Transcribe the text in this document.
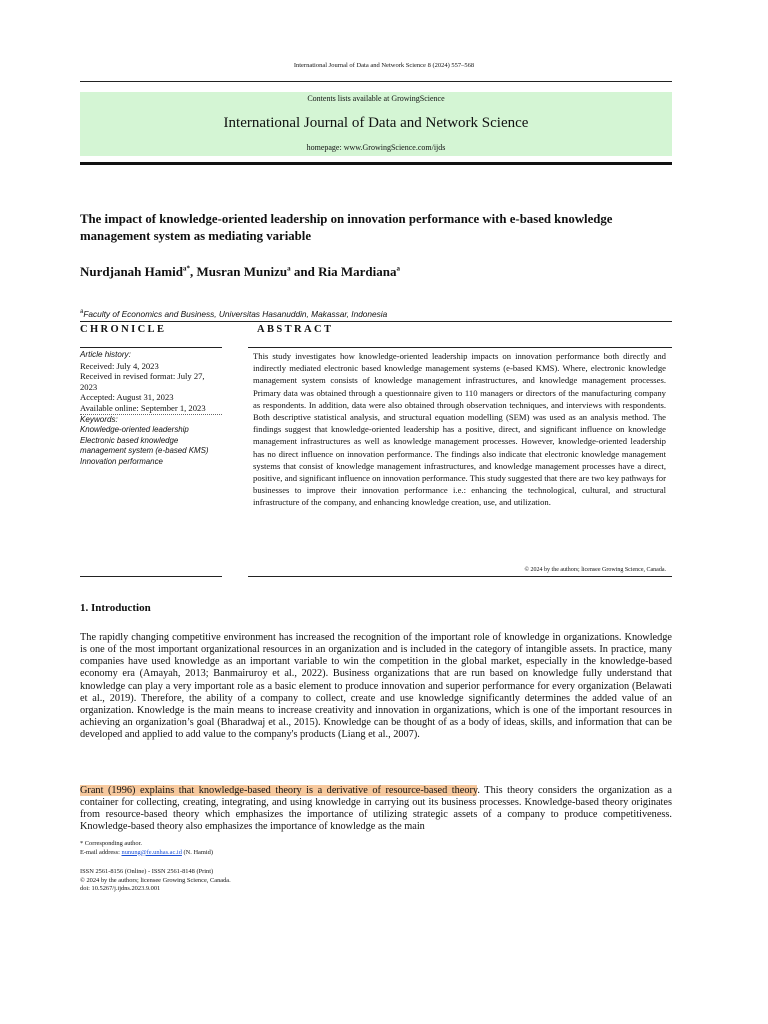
International Journal of Data and Network Science 8 (2024) 557–568
Contents lists available at GrowingScience
International Journal of Data and Network Science
homepage: www.GrowingScience.com/ijds
The impact of knowledge-oriented leadership on innovation performance with e-based knowledge management system as mediating variable
Nurdjanah Hamid$^{a*}$, Musran Munizu$^a$ and Ria Mardiana$^a$
$^a$Faculty of Economics and Business, Universitas Hasanuddin, Makassar, Indonesia
CHRONICLE	ABSTRACT
Article history:
Received: July 4, 2023
Received in revised format: July 27, 2023
Accepted: August 31, 2023
Available online: September 1, 2023
Keywords:
Knowledge-oriented leadership
Electronic based knowledge management system (e-based KMS)
Innovation performance
This study investigates how knowledge-oriented leadership impacts on innovation performance both directly and indirectly mediated electronic based knowledge management systems (e-based KMS). Where, electronic knowledge management system consists of knowledge management infrastructures, and knowledge management processes. Primary data was obtained through a questionnaire given to 110 managers or directors of the manufacturing company as respondents. In addition, data were also obtained through observation techniques, and interviews with respondents. Both descriptive statistical analysis, and structural equation modelling (SEM) was used as an analysis method. The findings suggest that knowledge-oriented leadership has a positive, direct, and significant influence on knowledge management infrastructures as well as knowledge management processes. However, knowledge-oriented leadership has no direct influence on innovation performance. The findings also indicate that electronic knowledge management systems that consist of knowledge management infrastructures, and knowledge management processes have a direct, positive, and significant influence on innovation performance. This study suggested that there are two key pathways for businesses to improve their innovation performance i.e.: enhancing the technological, cultural, and structural infrastructure of the company, and enhancing knowledge creation, use, and utilization.
© 2024 by the authors; licensee Growing Science, Canada.
1. Introduction
The rapidly changing competitive environment has increased the recognition of the important role of knowledge in organizations. Knowledge is one of the most important organizational resources in an organization and is included in the category of intangible assets. In practice, many companies have used knowledge as an important variable to win the competition in the global market, especially in the knowledge-based economy era (Amayah, 2013; Banmairuroy et al., 2022). Business organizations that are run based on knowledge fully understand that knowledge can play a very important role as a basic element to produce innovation and superior performance for every organization (Belawati et al., 2019). Therefore, the ability of a company to collect, create and use knowledge significantly determines the added value of an organization. Knowledge is the main means to increase creativity and innovation in organizations, which is one of the important resources in achieving an organization’s goal (Bharadwaj et al., 2015). Knowledge can be thought of as a body of ideas, skills, and information that can be developed and applied to add value to the company's products (Liang et al., 2007).
Grant (1996) explains that knowledge-based theory is a derivative of resource-based theory. This theory considers the organization as a container for collecting, creating, integrating, and using knowledge in carrying out its business processes. Knowledge-based theory originates from resource-based theory which emphasizes the importance of utilizing strategic assets of a company to produce competitiveness. Knowledge-based theory also emphasizes the importance of knowledge as the main
* Corresponding author.
E-mail address: nunung@fe.unhas.ac.id (N. Hamid)
ISSN 2561-8156 (Online) - ISSN 2561-8148 (Print)
© 2024 by the authors; licensee Growing Science, Canada.
doi: 10.5267/j.ijdns.2023.9.001
